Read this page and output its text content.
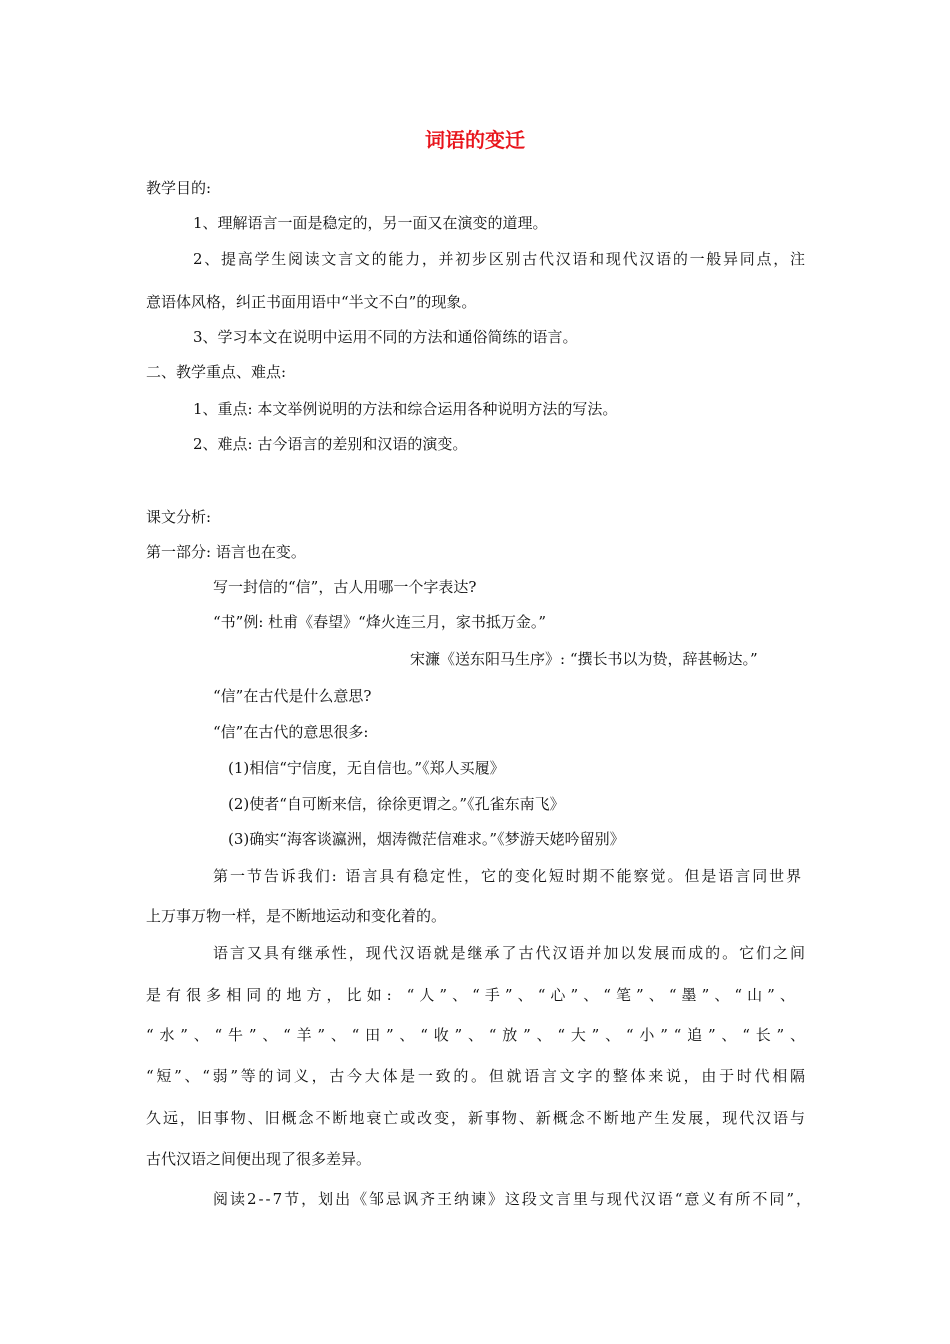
词语的变迁
教学目的:
1、理解语言一面是稳定的，另一面又在演变的道理。
2、提高学生阅读文言文的能力，并初步区别古代汉语和现代汉语的一般异同点，注
意语体风格，纠正书面用语中“半文不白”的现象。
3、学习本文在说明中运用不同的方法和通俗简练的语言。
二、教学重点、难点:
1、重点: 本文举例说明的方法和综合运用各种说明方法的写法。
2、难点: 古今语言的差别和汉语的演变。
课文分析:
第一部分: 语言也在变。
写一封信的“信”，古人用哪一个字表达?
“书”例: 杜甫《春望》“烽火连三月，家书抵万金。”
宋濂《送东阳马生序》: “撰长书以为贽，辞甚畅达。”
“信”在古代是什么意思?
“信”在古代的意思很多:
(1)相信“宁信度，无自信也。”《郑人买履》
(2)使者“自可断来信，徐徐更谓之。”《孔雀东南飞》
(3)确实“海客谈瀛洲，烟涛微茫信难求。”《梦游天姥吟留别》
第一节告诉我们: 语言具有稳定性，它的变化短时期不能察觉。但是语言同世界
上万事万物一样，是不断地运动和变化着的。
语言又具有继承性，现代汉语就是继承了古代汉语并加以发展而成的。它们之间
是有很多相同的地方，比如: “人”、“手”、“心”、“笔”、“墨”、“山”、
“水”、“牛”、“羊”、“田”、“收”、“放”、“大”、“小”“追”、“长”、
“短”、“弱”等的词义，古今大体是一致的。但就语言文字的整体来说，由于时代相隔
久远，旧事物、旧概念不断地衰亡或改变，新事物、新概念不断地产生发展，现代汉语与
古代汉语之间便出现了很多差异。
阅读2--7节，划出《邹忌讽齐王纳谏》这段文言里与现代汉语“意义有所不同”，
